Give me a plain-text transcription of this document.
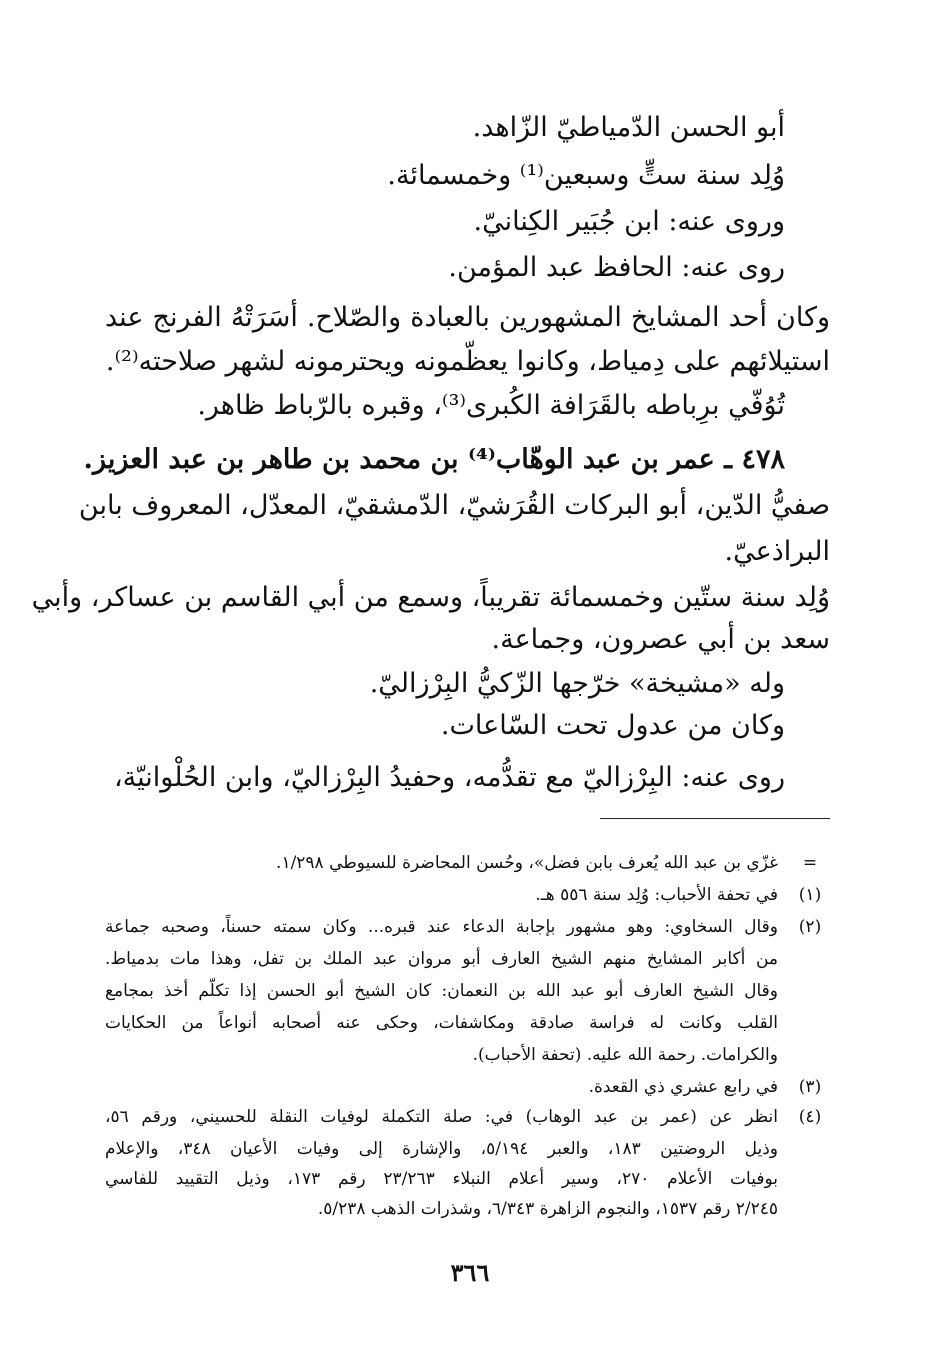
أبو الحسن الدّمياطيّ الزّاهد.
وُلِد سنة ستٍّ وسبعين⁽¹⁾ وخمسمائة.
وروى عنه: ابن جُبَير الكِنانيّ.
روى عنه: الحافظ عبد المؤمن.
وكان أحد المشايخ المشهورين بالعبادة والصّلاح. أسَرَتْهُ الفرنج عند
استيلائهم على دِمياط، وكانوا يعظّمونه ويحترمونه لشهر صلاحته⁽²⁾.
تُوُفّي برِباطه بالقَرَافة الكُبرى⁽³⁾، وقبره بالرّباط ظاهر.
٤٧٨ ـ عمر بن عبد الوهّاب⁽⁴⁾ بن محمد بن طاهر بن عبد العزيز.
صفيُّ الدّين، أبو البركات القُرَشيّ، الدّمشقيّ، المعدّل، المعروف بابن
البراذعيّ.
وُلِد سنة ستّين وخمسمائة تقريباً، وسمع من أبي القاسم بن عساكر، وأبي
سعد بن أبي عصرون، وجماعة.
وله «مشيخة» خرّجها الزّكيُّ البِرْزاليّ.
وكان من عدول تحت السّاعات.
روى عنه: البِرْزاليّ مع تقدُّمه، وحفيدُ البِرْزاليّ، وابن الحُلْوانيّة،
=
غزّي بن عبد الله يُعرف بابن فضل»، وحُسن المحاضرة للسيوطي ١/٢٩٨.
(١)
في تحفة الأحباب: وُلِد سنة ٥٥٦ هـ.
(٢)
وقال السخاوي: وهو مشهور بإجابة الدعاء عند قبره... وكان سمته حسناً، وصحبه جماعة
من أكابر المشايخ منهم الشيخ العارف أبو مروان عبد الملك بن تفل، وهذا مات بدمياط.
وقال الشيخ العارف أبو عبد الله بن النعمان: كان الشيخ أبو الحسن إذا تكلّم أخذ بمجامع
القلب وكانت له فراسة صادقة ومكاشفات، وحكى عنه أصحابه أنواعاً من الحكايات
والكرامات. رحمة الله عليه. (تحفة الأحباب).
(٣)
في رابع عشري ذي القعدة.
(٤)
انظر عن (عمر بن عبد الوهاب) في: صلة التكملة لوفيات النقلة للحسيني، ورقم ٥٦،
وذيل الروضتين ١٨٣، والعبر ٥/١٩٤، والإشارة إلى وفيات الأعيان ٣٤٨، والإعلام
بوفيات الأعلام ٢٧٠، وسير أعلام النبلاء ٢٣/٢٦٣ رقم ١٧٣، وذيل التقييد للفاسي
٢/٢٤٥ رقم ١٥٣٧، والنجوم الزاهرة ٦/٣٤٣، وشذرات الذهب ٥/٢٣٨.
٣٦٦
